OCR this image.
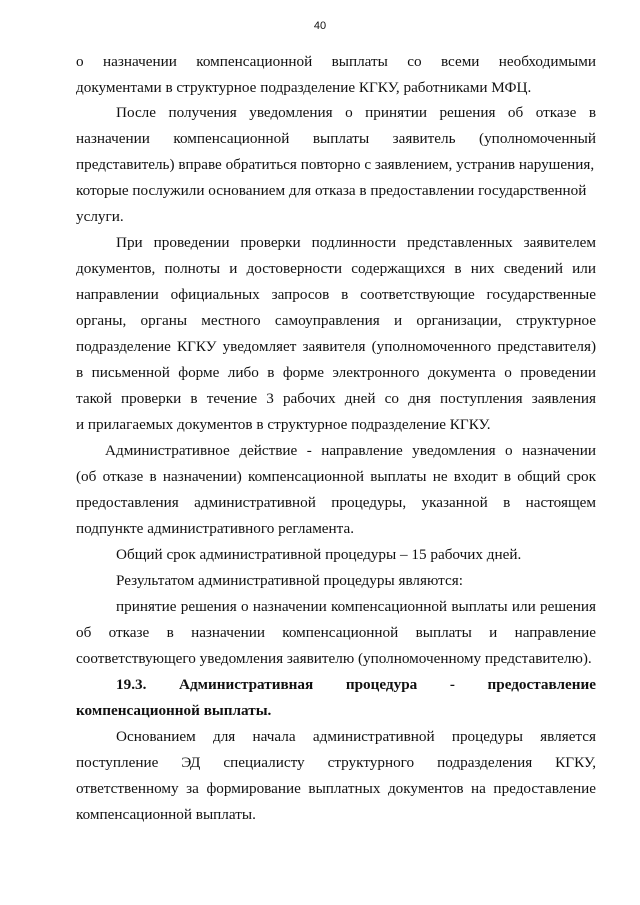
40
о назначении компенсационной выплаты со всеми необходимыми
документами в структурное подразделение КГКУ, работниками МФЦ.
После получения уведомления о принятии решения об отказе в
назначении компенсационной выплаты заявитель (уполномоченный
представитель) вправе обратиться повторно с заявлением, устранив нарушения,
которые послужили основанием для отказа в предоставлении государственной
услуги.
При проведении проверки подлинности представленных заявителем
документов, полноты и достоверности содержащихся в них сведений или
направлении официальных запросов в соответствующие государственные
органы, органы местного самоуправления и организации, структурное
подразделение КГКУ уведомляет заявителя (уполномоченного представителя)
в письменной форме либо в форме электронного документа о проведении
такой проверки в течение 3 рабочих дней со дня поступления заявления
и прилагаемых документов в структурное подразделение КГКУ.
Административное действие - направление уведомления о назначении
(об отказе в назначении) компенсационной выплаты не входит в общий срок
предоставления административной процедуры, указанной в настоящем
подпункте административного регламента.
Общий срок административной процедуры – 15 рабочих дней.
Результатом административной процедуры являются:
принятие решения о назначении компенсационной выплаты или решения
об отказе в назначении компенсационной выплаты и направление
соответствующего уведомления заявителю (уполномоченному представителю).
19.3. Административная процедура - предоставление
компенсационной выплаты.
Основанием для начала административной процедуры является
поступление ЭД специалисту структурного подразделения КГКУ,
ответственному за формирование выплатных документов на предоставление
компенсационной выплаты.
